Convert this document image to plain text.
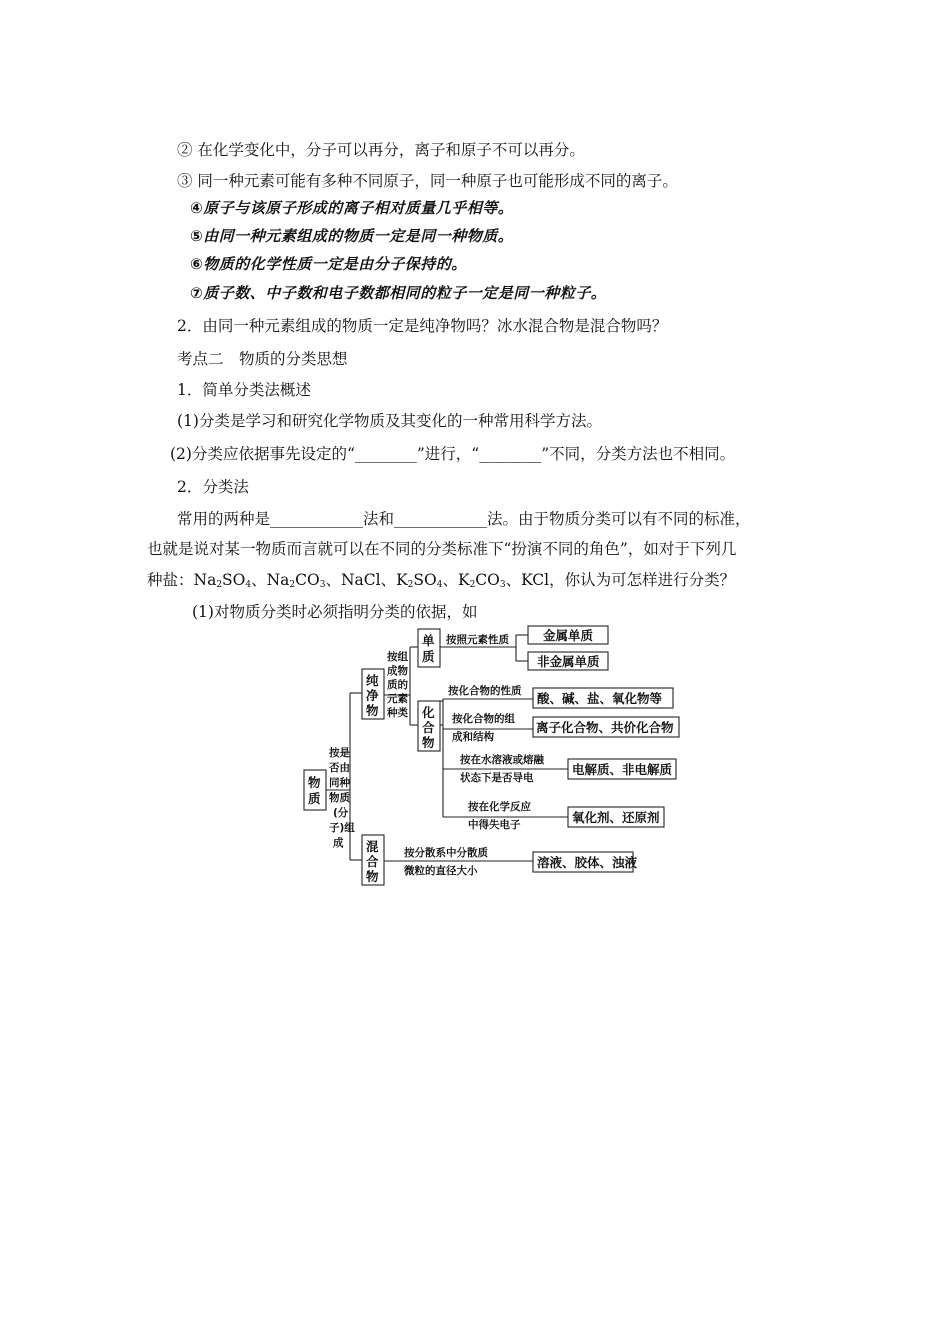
② 在化学变化中，分子可以再分，离子和原子不可以再分。
③ 同一种元素可能有多种不同原子，同一种原子也可能形成不同的离子。
④原子与该原子形成的离子相对质量几乎相等。
⑤由同一种元素组成的物质一定是同一种物质。
⑥物质的化学性质一定是由分子保持的。
⑦质子数、中子数和电子数都相同的粒子一定是同一种粒子。
2．由同一种元素组成的物质一定是纯净物吗？冰水混合物是混合物吗？
考点二　物质的分类思想
1．简单分类法概述
(1)分类是学习和研究化学物质及其变化的一种常用科学方法。
(2)分类应依据事先设定的“________”进行，“________”不同，分类方法也不相同。
2．分类法
常用的两种是____________法和____________法。由于物质分类可以有不同的标准，
也就是说对某一物质而言就可以在不同的分类标准下“扮演不同的角色”，如对于下列几
种盐：$Na_2SO_4$、$Na_2CO_3$、NaCl、$K_2SO_4$、$K_2CO_3$、KCl，你认为可怎样进行分类？
(1)对物质分类时必须指明分类的依据，如
物
质
按是
否由
同种
物质
(分
子)组
成
纯
净
物
混
合
物
按组
成物
质的
元素
种类
单
质
化
合
物
按照元素性质	金属单质
非金属单质
按化合物的性质 酸、碱、盐、氧化物等
按化合物的组
成和结构
离子化合物、共价化合物
按在水溶液或熔融
状态下是否导电
电解质、非电解质
按在化学反应
中得失电子	氧化剂、还原剂
按分散系中分散质
微粒的直径大小
溶液、胶体、浊液
